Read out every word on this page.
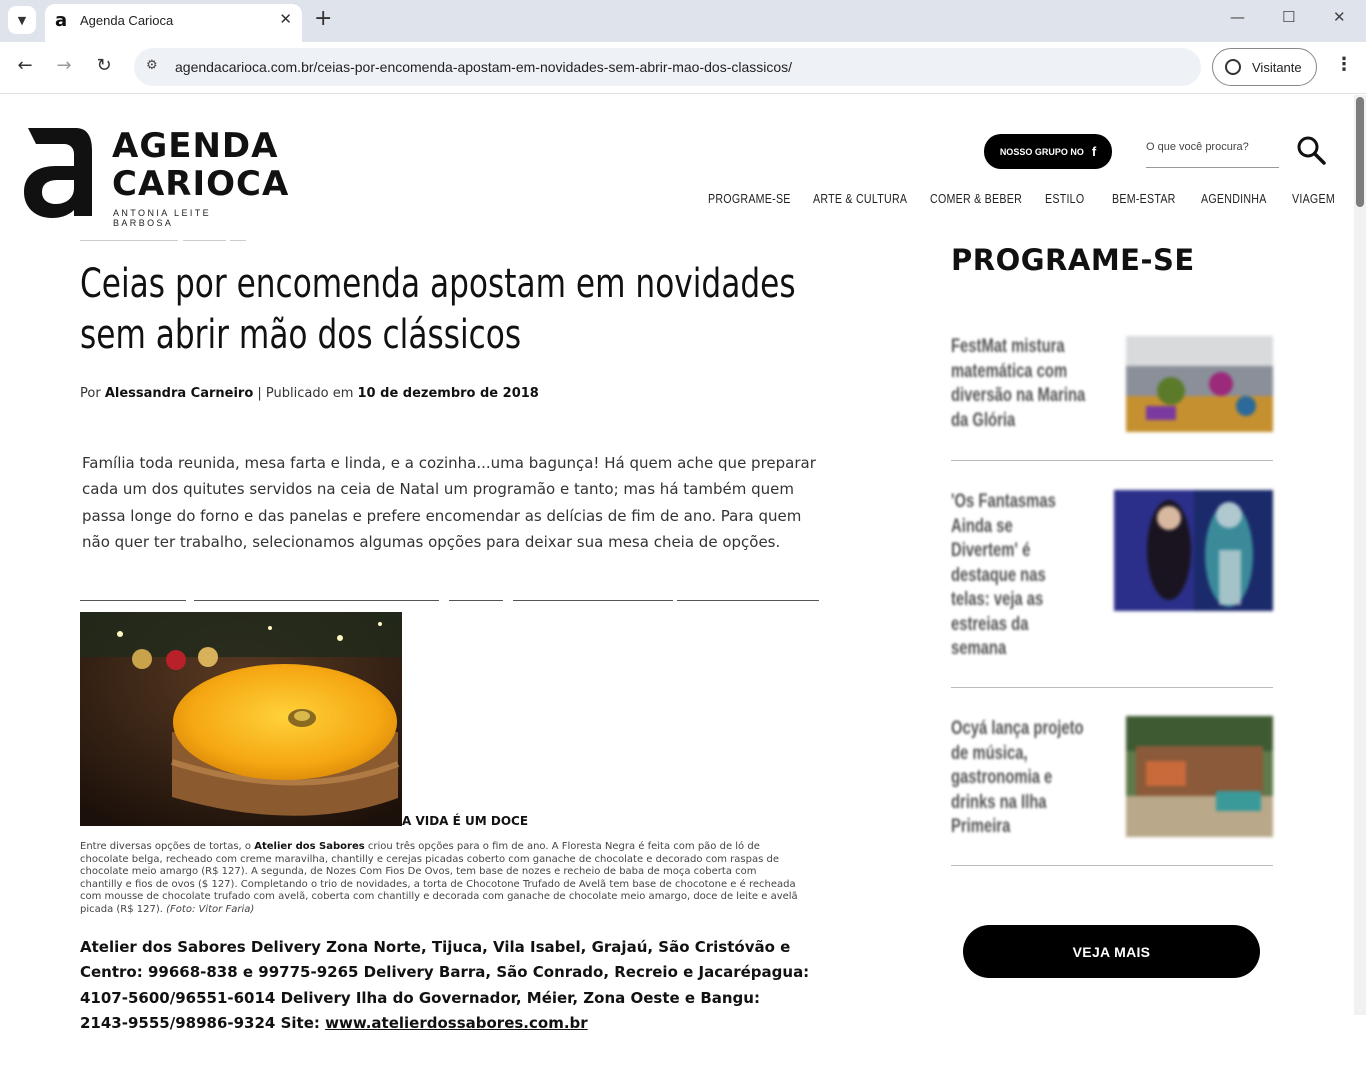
▼	a Agenda Carioca	✕ +	— ☐	✕
← → ↻	⚙ agendacarioca.com.br/ceias-por-encomenda-apostam-em-novidades-sem-abrir-mao-dos-classicos/	Visitante ⋮
AGENDA
CARIOCA
ANTONIA LEITE BARBOSA
NOSSO GRUPO NO f
O que você procura?
PROGRAME-SE ARTE & CULTURA COMER & BEBER ESTILO BEM-ESTAR AGENDINHA VIAGEM
Ceias por encomenda apostam em novidades sem abrir mão dos clássicos
Por Alessandra Carneiro | Publicado em 10 de dezembro de 2018

Família toda reunida, mesa farta e linda, e a cozinha...uma bagunça! Há quem ache que preparar cada um dos quitutes servidos na ceia de Natal um programão e tanto; mas há também quem passa longe do forno e das panelas e prefere encomendar as delícias de fim de ano. Para quem não quer ter trabalho, selecionamos algumas opções para deixar sua mesa cheia de opções.

A VIDA É UM DOCE

Entre diversas opções de tortas, o Atelier dos Sabores criou três opções para o fim de ano. A Floresta Negra é feita com pão de ló de chocolate belga, recheado com creme maravilha, chantilly e cerejas picadas coberto com ganache de chocolate e decorado com raspas de chocolate meio amargo (R$ 127). A segunda, de Nozes Com Fios De Ovos, tem base de nozes e recheio de baba de moça coberta com chantilly e fios de ovos ($ 127). Completando o trio de novidades, a torta de Chocotone Trufado de Avelã tem base de chocotone e é recheada com mousse de chocolate trufado com avelã, coberta com chantilly e decorada com ganache de chocolate meio amargo, doce de leite e avelã picada (R$ 127). (Foto: Vitor Faria)

Atelier dos Sabores Delivery Zona Norte, Tijuca, Vila Isabel, Grajaú, São Cristóvão e Centro: 99668-838 e 99775-9265 Delivery Barra, São Conrado, Recreio e Jacarépagua: 4107-5600/96551-6014 Delivery Ilha do Governador, Méier, Zona Oeste e Bangu: 2143-9555/98986-9324 Site: www.atelierdossabores.com.br

PROGRAME-SE
FestMat mistura matemática com diversão na Marina da Glória
'Os Fantasmas Ainda se Divertem' é destaque nas telas: veja as estreias da semana
Ocyá lança projeto de música, gastronomia e drinks na Ilha Primeira
VEJA MAIS
